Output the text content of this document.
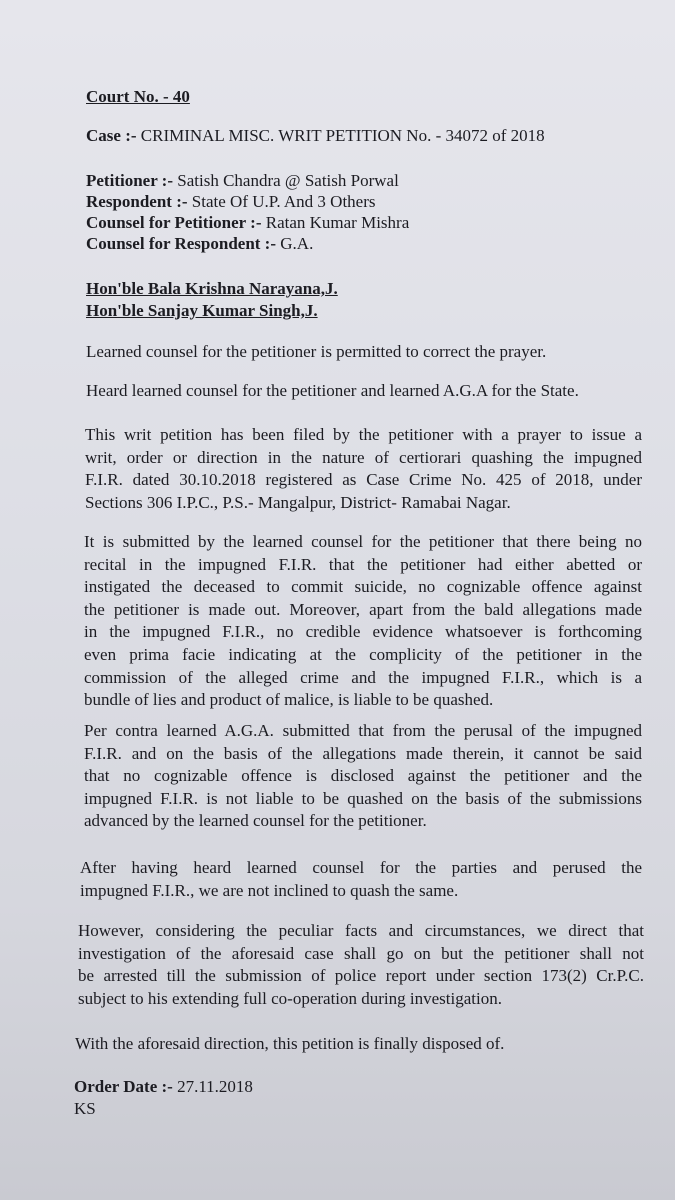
Court No. - 40
Case :- CRIMINAL MISC. WRIT PETITION No. - 34072 of 2018
Petitioner :- Satish Chandra @ Satish Porwal
Respondent :- State Of U.P. And 3 Others
Counsel for Petitioner :- Ratan Kumar Mishra
Counsel for Respondent :- G.A.
Hon'ble Bala Krishna Narayana,J.
Hon'ble Sanjay Kumar Singh,J.
Learned counsel for the petitioner is permitted to correct the prayer.
Heard learned counsel for the petitioner and learned A.G.A for the State.
This writ petition has been filed by the petitioner with a prayer to issue a
writ, order or direction in the nature of certiorari quashing the impugned
F.I.R. dated 30.10.2018 registered as Case Crime No. 425 of 2018, under
Sections 306 I.P.C., P.S.- Mangalpur, District- Ramabai Nagar.
It is submitted by the learned counsel for the petitioner that there being no
recital in the impugned F.I.R. that the petitioner had either abetted or
instigated the deceased to commit suicide, no cognizable offence against
the petitioner is made out. Moreover, apart from the bald allegations made
in the impugned F.I.R., no credible evidence whatsoever is forthcoming
even prima facie indicating at the complicity of the petitioner in the
commission of the alleged crime and the impugned F.I.R., which is a
bundle of lies and product of malice, is liable to be quashed.
Per contra learned A.G.A. submitted that from the perusal of the impugned
F.I.R. and on the basis of the allegations made therein, it cannot be said
that no cognizable offence is disclosed against the petitioner and the
impugned F.I.R. is not liable to be quashed on the basis of the submissions
advanced by the learned counsel for the petitioner.
After having heard learned counsel for the parties and perused the
impugned F.I.R., we are not inclined to quash the same.
However, considering the peculiar facts and circumstances, we direct that
investigation of the aforesaid case shall go on but the petitioner shall not
be arrested till the submission of police report under section 173(2) Cr.P.C.
subject to his extending full co-operation during investigation.
With the aforesaid direction, this petition is finally disposed of.
Order Date :- 27.11.2018
KS
